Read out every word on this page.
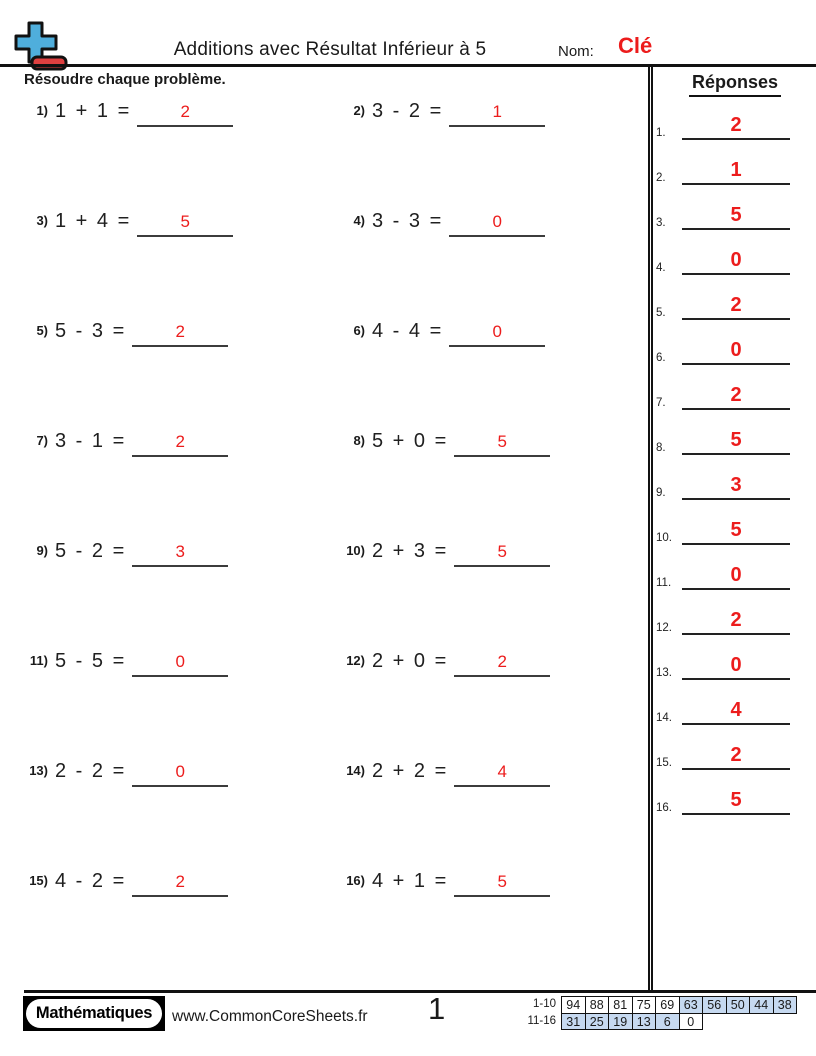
Additions avec Résultat Inférieur à 5	Nom: Clé
Résoudre chaque problème.	Réponses
1.	2
2.	1
3.	5
4.	0
5.	2
6.	0
7.	2
8.	5
9.	3
10.	5
11.	0
12.	2
13.	0
14.	4
15.	2
16.	5
1) 1 + 1 =	2	2) 3 - 2 =	1
3) 1 + 4 =	5	4) 3 - 3 =	0
5) 5 - 3 =	2	6) 4 - 4 =	0
7) 3 - 1 =	2	8) 5 + 0 =	5
9) 5 - 2 =	3	10) 2 + 3 =	5
11) 5 - 5 =	0	12) 2 + 0 =	2
13) 2 - 2 =	0	14) 2 + 2 =	4
15) 4 - 2 =	2	16) 4 + 1 =	5
Mathématiques www.CommonCoreSheets.fr 1	1-10 94 88 81 75 69 63 56 50 44 38
11-16 31 25 19 13	6	0
